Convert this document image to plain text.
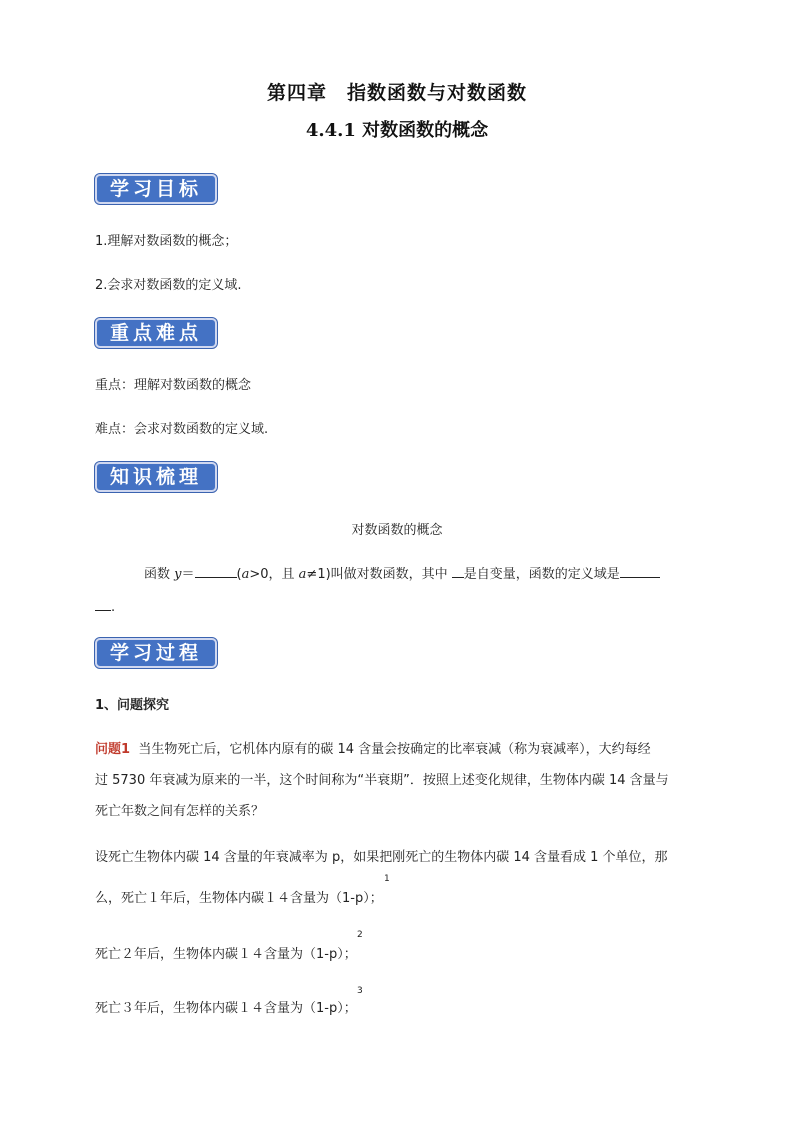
第四章　指数函数与对数函数
4.4.1 对数函数的概念
学习目标
1.理解对数函数的概念；
2.会求对数函数的定义域.
重点难点
重点：理解对数函数的概念
难点：会求对数函数的定义域.
知识梳理
对数函数的概念
函数 y＝	(a>0，且 a≠1)叫做对数函数，其中 是自变量，函数的定义域是
.
学习过程
1、问题探究
问题1 当生物死亡后，它机体内原有的碳 14 含量会按确定的比率衰减（称为衰减率），大约每经
过 5730 年衰减为原来的一半，这个时间称为“半衰期”．按照上述变化规律，生物体内碳 14 含量与
死亡年数之间有怎样的关系？
设死亡生物体内碳 14 含量的年衰减率为 p，如果把刚死亡的生物体内碳 14 含量看成 1 个单位，那
1
么，死亡１年后，生物体内碳１４含量为（1-p）；
2
死亡２年后，生物体内碳１４含量为（1-p）；
3
死亡３年后，生物体内碳１４含量为（1-p）；
